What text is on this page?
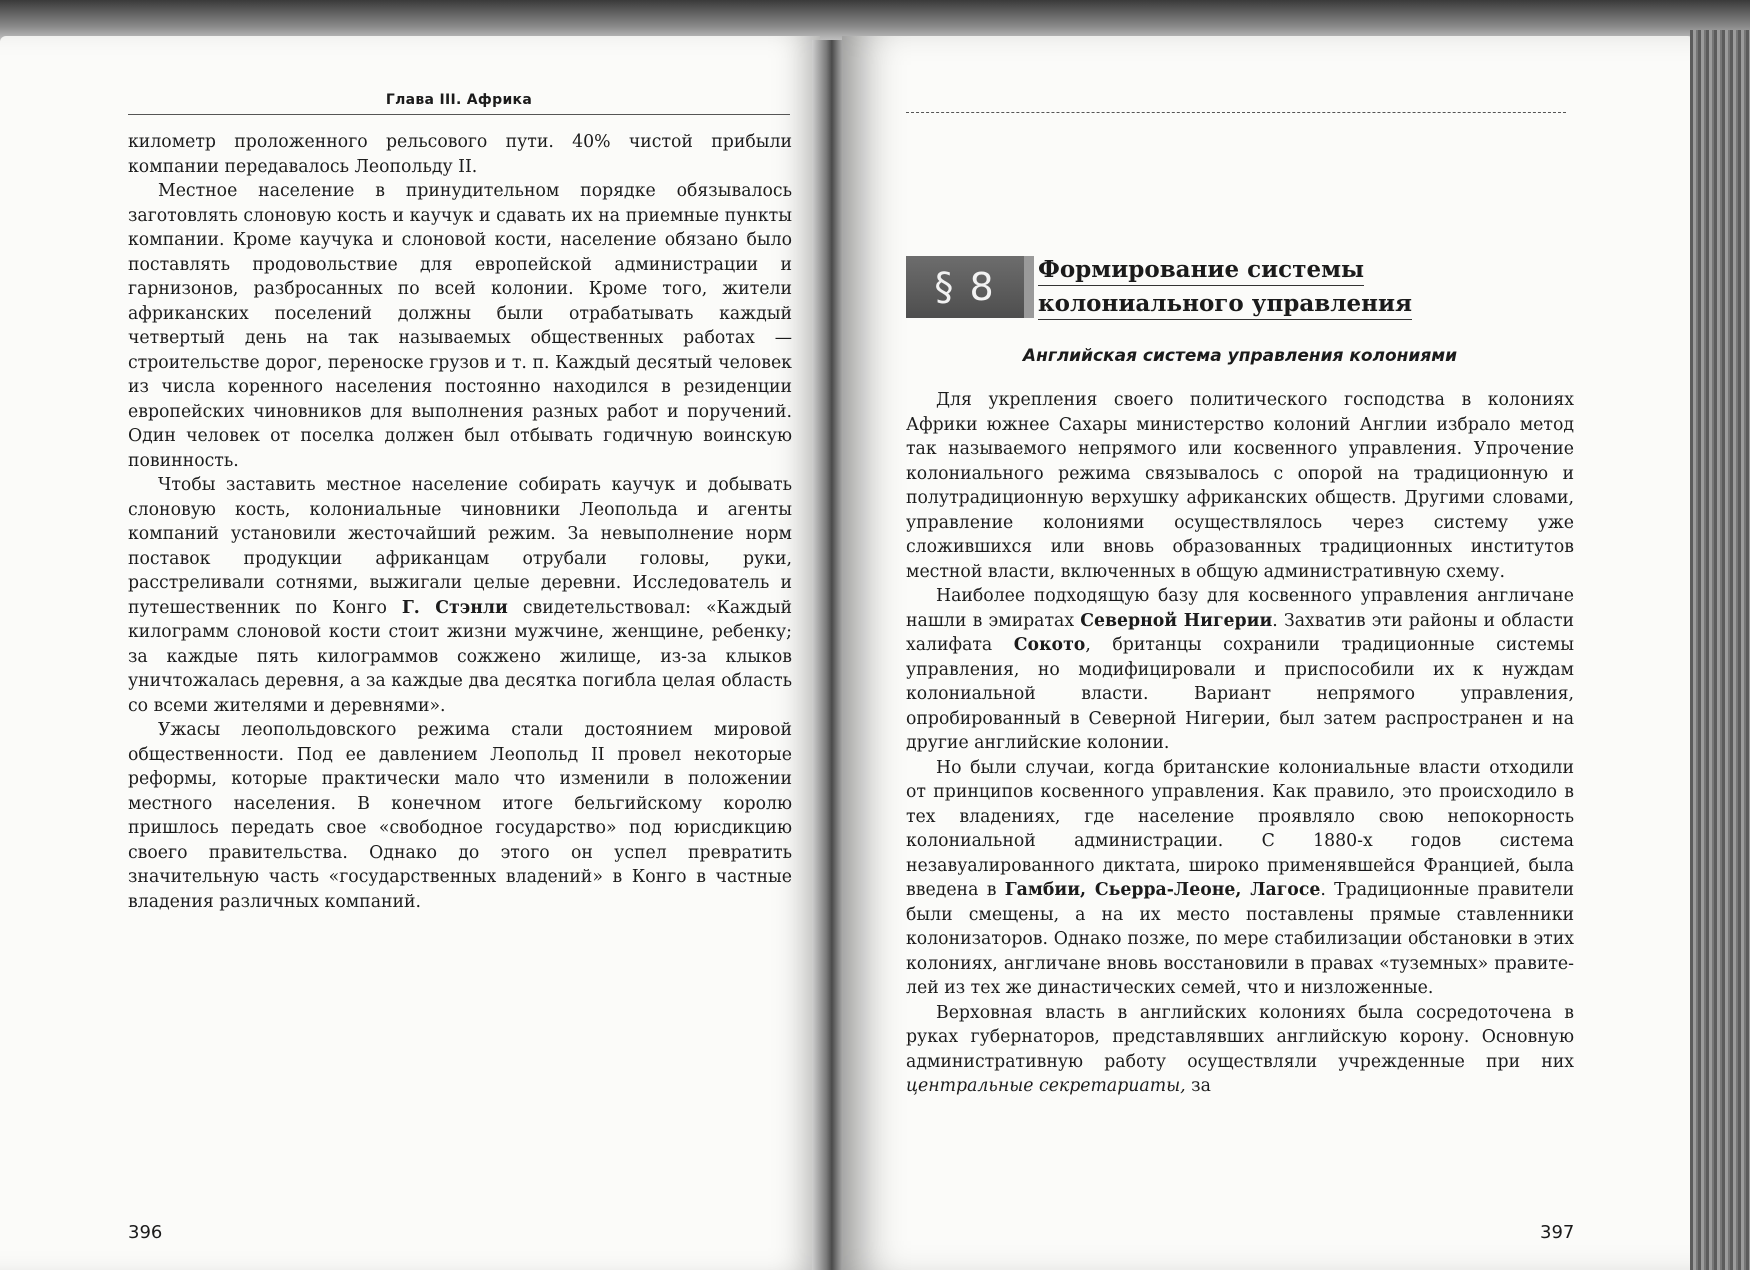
Глава III. Африка

километр проложенного рельсового пути. 40% чистой прибыли компании передавалось Леопольду II.

Местное население в принудительном порядке обязывалось заготовлять слоновую кость и каучук и сдавать их на приемные пункты компании. Кроме каучука и слоновой кости, население обязано было поставлять продовольствие для европейской администрации и гарнизонов, разбросанных по всей колонии. Кроме того, жители африканских поселений должны были отрабатывать каждый четвертый день на так называемых общественных работах — строительстве дорог, переноске грузов и т. п. Каждый десятый человек из числа коренного населения постоянно находился в резиденции европейских чиновников для выполнения разных работ и поручений. Один человек от поселка должен был отбывать годичную воинскую повинность.

Чтобы заставить местное население собирать каучук и добывать слоновую кость, колониальные чиновники Леопольда и агенты компаний установили жесточайший режим. За невыполнение норм поставок продукции африканцам отрубали головы, руки, расстреливали сотнями, выжигали целые деревни. Исследователь и путешественник по Конго Г. Стэнли свидетельствовал: «Каждый килограмм слоновой кости стоит жизни мужчине, женщине, ребенку; за каждые пять килограммов сожжено жилище, из-за клыков уничтожалась деревня, а за каждые два десятка погибла целая область со всеми жителями и деревнями».

Ужасы леопольдовского режима стали достоянием мировой общественности. Под ее давлением Леопольд II провел некоторые реформы, которые практически мало что изменили в положении местного населения. В конечном итоге бельгийскому королю пришлось передать свое «свободное государство» под юрисдикцию своего правительства. Однако до этого он успел превратить значительную часть «государственных владений» в Конго в частные владения различных компаний.

396
§ 8	Формирование системы
колониального управления
Английская система управления колониями

Для укрепления своего политического господства в колониях Африки южнее Сахары министерство колоний Англии избрало метод так называемого непрямого или косвенного управления. Упрочение колониального режима связывалось с опорой на традиционную и полутрадиционную верхушку африканских обществ. Другими словами, управление колониями осуществлялось через систему уже сложившихся или вновь образованных традиционных институтов местной власти, включенных в общую административную схему.

Наиболее подходящую базу для косвенного управления англичане нашли в эмиратах Северной Нигерии. Захватив эти районы и области халифата Сокото, британцы сохранили традиционные системы управления, но модифицировали и приспособили их к нуждам колониальной власти. Вариант непрямого управления, опробированный в Северной Нигерии, был затем распространен и на другие английские колонии.

Но были случаи, когда британские колониальные власти отходили от принципов косвенного управления. Как правило, это происходило в тех владениях, где население проявляло свою непокорность колониальной администрации. С 1880-х годов система незавуалированного диктата, широко применявшейся Францией, была введена в Гамбии, Сьерра-Леоне, Лагосе. Традиционные правители были смещены, а на их место поставлены прямые ставленники колонизаторов. Однако позже, по мере стабилизации обстановки в этих колониях, англичане вновь восстановили в правах «туземных» правителей из тех же династических семей, что и низложенные.

Верховная власть в английских колониях была сосредоточена в руках губернаторов, представлявших английскую корону. Основную административную работу осуществляли учрежденные при них центральные секретариаты, за

397
